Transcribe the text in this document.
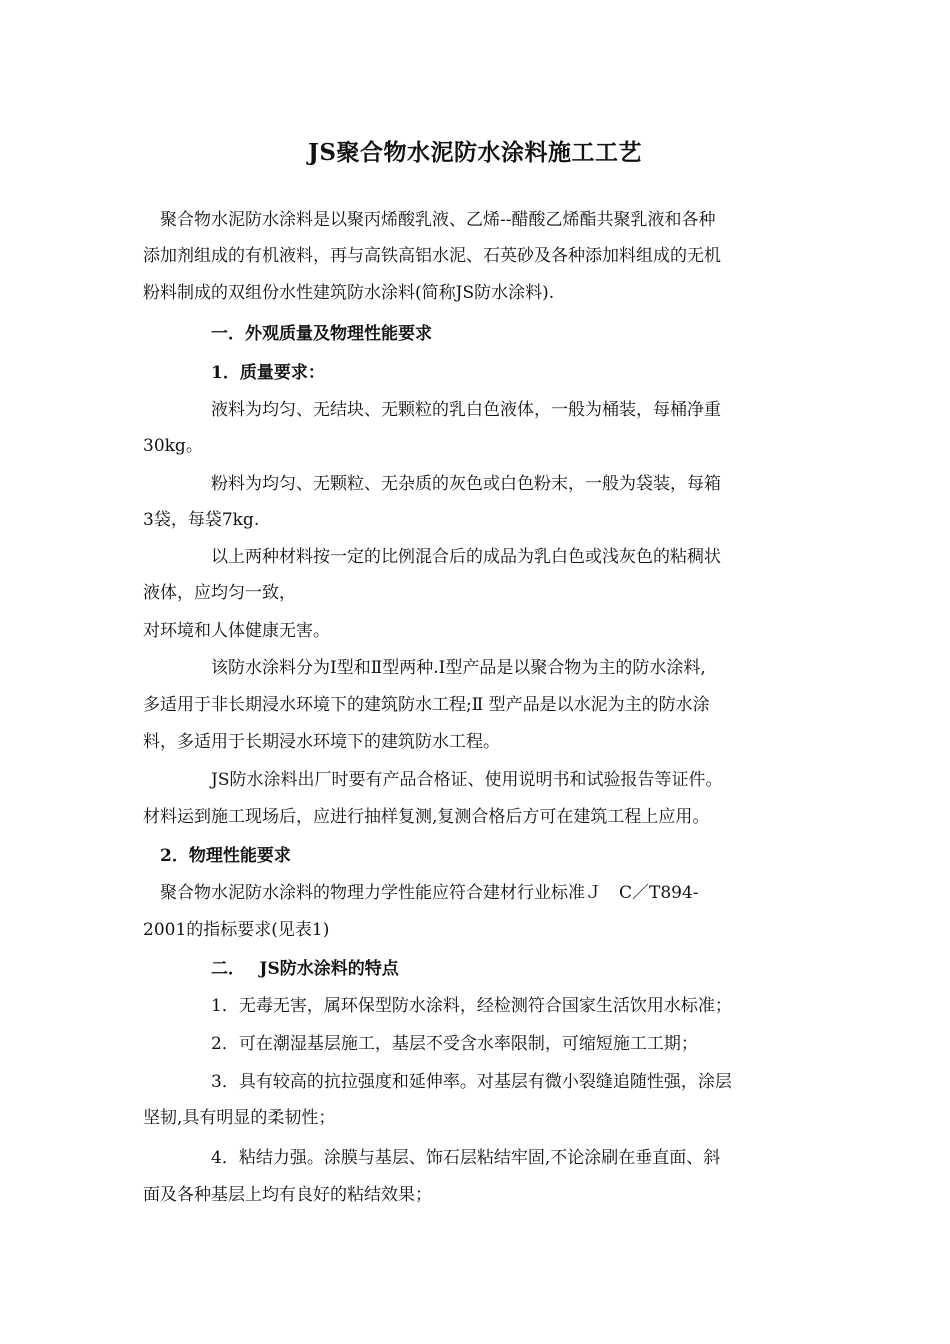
JS聚合物水泥防水涂料施工工艺
　聚合物水泥防水涂料是以聚丙烯酸乳液、乙烯--醋酸乙烯酯共聚乳液和各种
添加剂组成的有机液料，再与高铁高铝水泥、石英砂及各种添加料组成的无机
粉料制成的双组份水性建筑防水涂料(简称JS防水涂料).
　　　　一．外观质量及物理性能要求
　　　　1．质量要求：
　　　　液料为均匀、无结块、无颗粒的乳白色液体，一般为桶装，每桶净重
30kg。
　　　　粉料为均匀、无颗粒、无杂质的灰色或白色粉末，一般为袋装，每箱
3袋，每袋7kg.
　　　　以上两种材料按一定的比例混合后的成品为乳白色或浅灰色的粘稠状
液体，应均匀一致，
对环境和人体健康无害。
　　　　该防水涂料分为Ⅰ型和Ⅱ型两种.Ⅰ型产品是以聚合物为主的防水涂料,
多适用于非长期浸水环境下的建筑防水工程;Ⅱ 型产品是以水泥为主的防水涂
料，多适用于长期浸水环境下的建筑防水工程。
　　　　JS防水涂料出厂时要有产品合格证、使用说明书和试验报告等证件。
材料运到施工现场后，应进行抽样复测,复测合格后方可在建筑工程上应用。
　2．物理性能要求
　聚合物水泥防水涂料的物理力学性能应符合建材行业标准Ｊ　C／T894-
2001的指标要求(见表1)
　　　　二．　 JS防水涂料的特点
　　　　1．无毒无害，属环保型防水涂料，经检测符合国家生活饮用水标准；
　　　　2．可在潮湿基层施工，基层不受含水率限制，可缩短施工工期；
　　　　3．具有较高的抗拉强度和延伸率。对基层有微小裂缝追随性强，涂层
坚韧,具有明显的柔韧性；
　　　　4．粘结力强。涂膜与基层、饰石层粘结牢固,不论涂刷在垂直面、斜
面及各种基层上均有良好的粘结效果；
